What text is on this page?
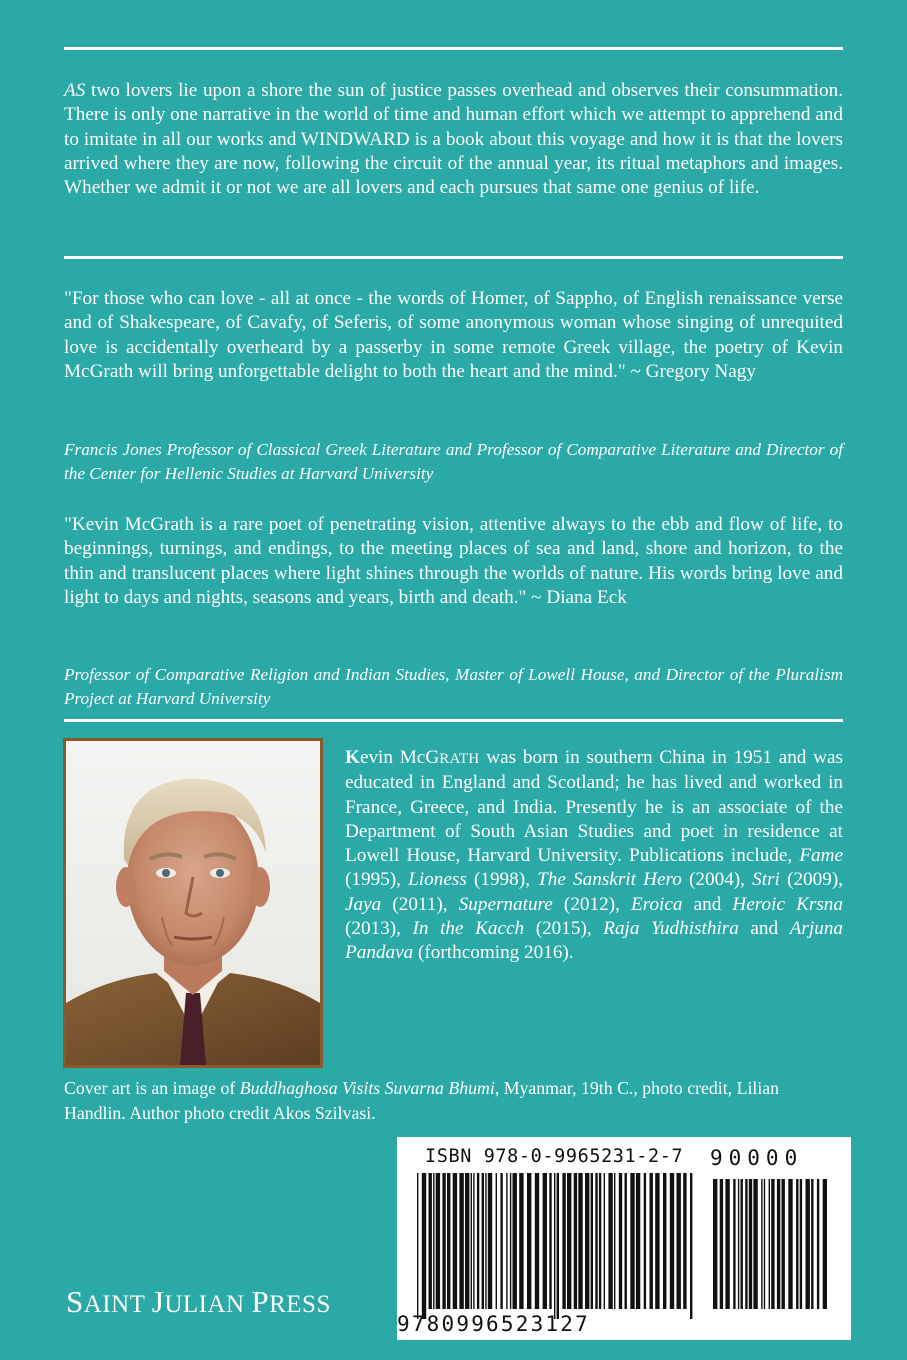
AS two lovers lie upon a shore the sun of justice passes overhead and observes their consummation. There is only one narrative in the world of time and human effort which we attempt to apprehend and to imitate in all our works and WINDWARD is a book about this voyage and how it is that the lovers arrived where they are now, following the circuit of the annual year, its ritual metaphors and images. Whether we admit it or not we are all lovers and each pursues that same one genius of life.

"For those who can love - all at once - the words of Homer, of Sappho, of English renaissance verse and of Shakespeare, of Cavafy, of Seferis, of some anonymous woman whose singing of unrequited love is accidentally overheard by a passerby in some remote Greek village, the poetry of Kevin McGrath will bring unforgettable delight to both the heart and the mind." ~ Gregory Nagy

Francis Jones Professor of Classical Greek Literature and Professor of Comparative Literature and Director of the Center for Hellenic Studies at Harvard University

"Kevin McGrath is a rare poet of penetrating vision, attentive always to the ebb and flow of life, to beginnings, turnings, and endings, to the meeting places of sea and land, shore and horizon, to the thin and translucent places where light shines through the worlds of nature. His words bring love and light to days and nights, seasons and years, birth and death." ~ Diana Eck

Professor of Comparative Religion and Indian Studies, Master of Lowell House, and Director of the Pluralism Project at Harvard University

Kevin McGRATH was born in southern China in 1951 and was educated in England and Scotland; he has lived and worked in France, Greece, and India. Presently he is an associate of the Department of South Asian Studies and poet in residence at Lowell House, Harvard University. Publications include, Fame (1995), Lioness (1998), The Sanskrit Hero (2004), Stri (2009), Jaya (2011), Supernature (2012), Eroica and Heroic Krsna (2013), In the Kacch (2015), Raja Yudhisthira and Arjuna Pandava (forthcoming 2016).

Cover art is an image of Buddhaghosa Visits Suvarna Bhumi, Myanmar, 19th C., photo credit, Lilian Handlin. Author photo credit Akos Szilvasi.

ISBN 978-0-9965231-2-7 90000
9780996523127
SAINT JULIAN PRESS
